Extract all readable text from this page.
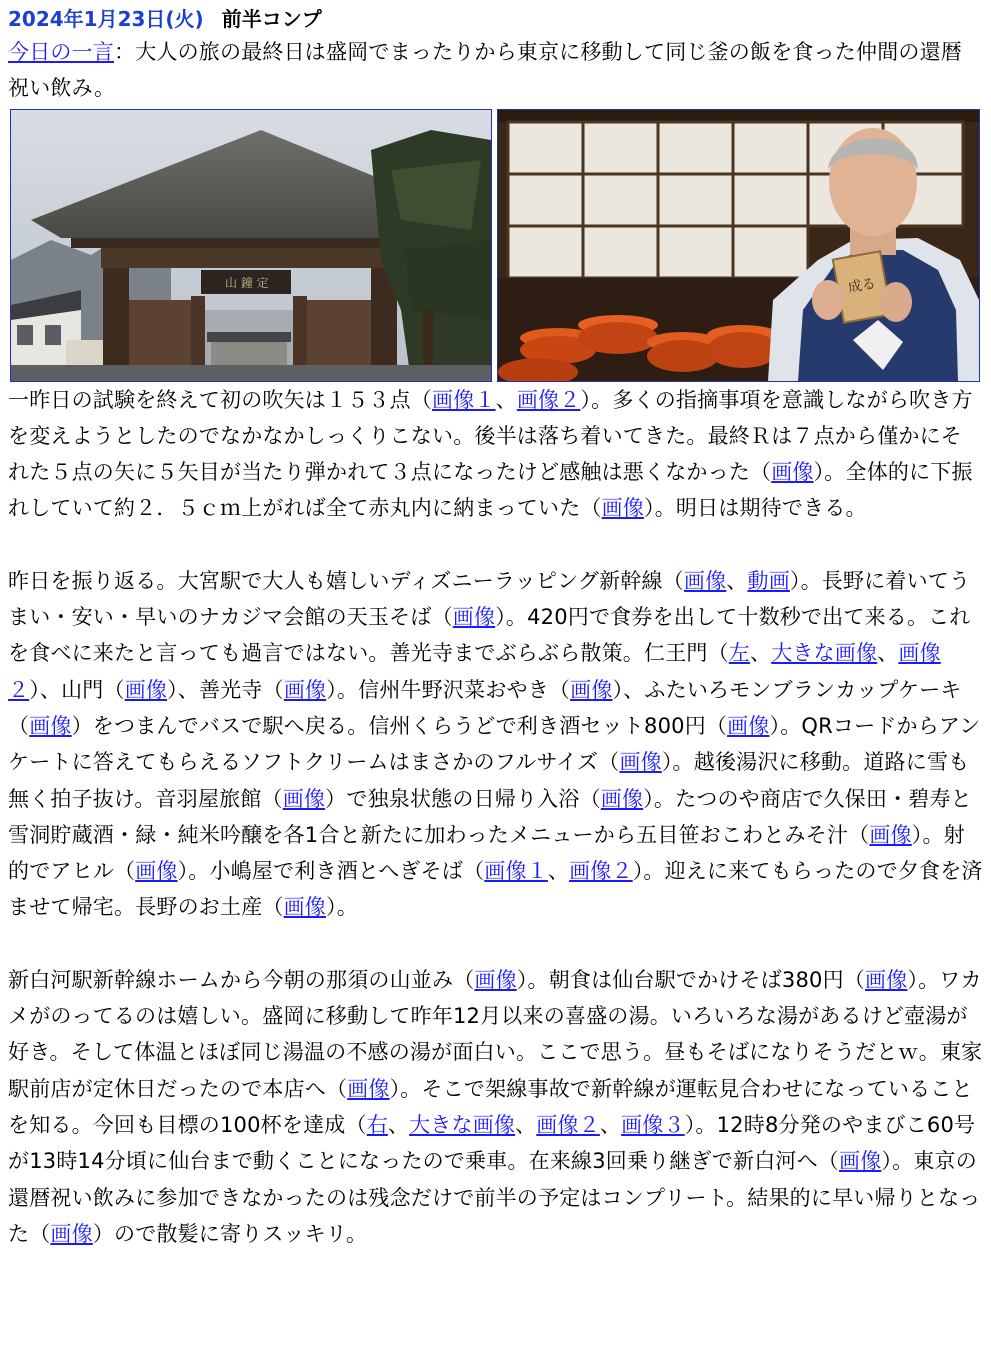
2024年1月23日(火) 前半コンプ

今日の一言：大人の旅の最終日は盛岡でまったりから東京に移動して同じ釜の飯を食った仲間の還暦祝い飲み。

山 鐘 定	成る

一昨日の試験を終えて初の吹矢は１５３点（画像１、画像２）。多くの指摘事項を意識しながら吹き方を変えようとしたのでなかなかしっくりこない。後半は落ち着いてきた。最終Ｒは７点から僅かにそれた５点の矢に５矢目が当たり弾かれて３点になったけど感触は悪くなかった（画像）。全体的に下振れしていて約２．５ｃｍ上がれば全て赤丸内に納まっていた（画像）。明日は期待できる。

昨日を振り返る。大宮駅で大人も嬉しいディズニーラッピング新幹線（画像、動画）。長野に着いてうまい・安い・早いのナカジマ会館の天玉そば（画像）。420円で食券を出して十数秒で出て来る。これを食べに来たと言っても過言ではない。善光寺までぶらぶら散策。仁王門（左、大きな画像、画像２）、山門（画像）、善光寺（画像）。信州牛野沢菜おやき（画像）、ふたいろモンブランカップケーキ（画像）をつまんでバスで駅へ戻る。信州くらうどで利き酒セット800円（画像）。QRコードからアンケートに答えてもらえるソフトクリームはまさかのフルサイズ（画像）。越後湯沢に移動。道路に雪も無く拍子抜け。音羽屋旅館（画像）で独泉状態の日帰り入浴（画像）。たつのや商店で久保田・碧寿と雪洞貯蔵酒・緑・純米吟醸を各1合と新たに加わったメニューから五目笹おこわとみそ汁（画像）。射的でアヒル（画像）。小嶋屋で利き酒とへぎそば（画像１、画像２）。迎えに来てもらったので夕食を済ませて帰宅。長野のお土産（画像）。

新白河駅新幹線ホームから今朝の那須の山並み（画像）。朝食は仙台駅でかけそば380円（画像）。ワカメがのってるのは嬉しい。盛岡に移動して昨年12月以来の喜盛の湯。いろいろな湯があるけど壺湯が好き。そして体温とほぼ同じ湯温の不感の湯が面白い。ここで思う。昼もそばになりそうだとｗ。東家駅前店が定休日だったので本店へ（画像）。そこで架線事故で新幹線が運転見合わせになっていることを知る。今回も目標の100杯を達成（右、大きな画像、画像２、画像３）。12時8分発のやまびこ60号が13時14分頃に仙台まで動くことになったので乗車。在来線3回乗り継ぎで新白河へ（画像）。東京の還暦祝い飲みに参加できなかったのは残念だけで前半の予定はコンプリート。結果的に早い帰りとなった（画像）ので散髪に寄りスッキリ。
